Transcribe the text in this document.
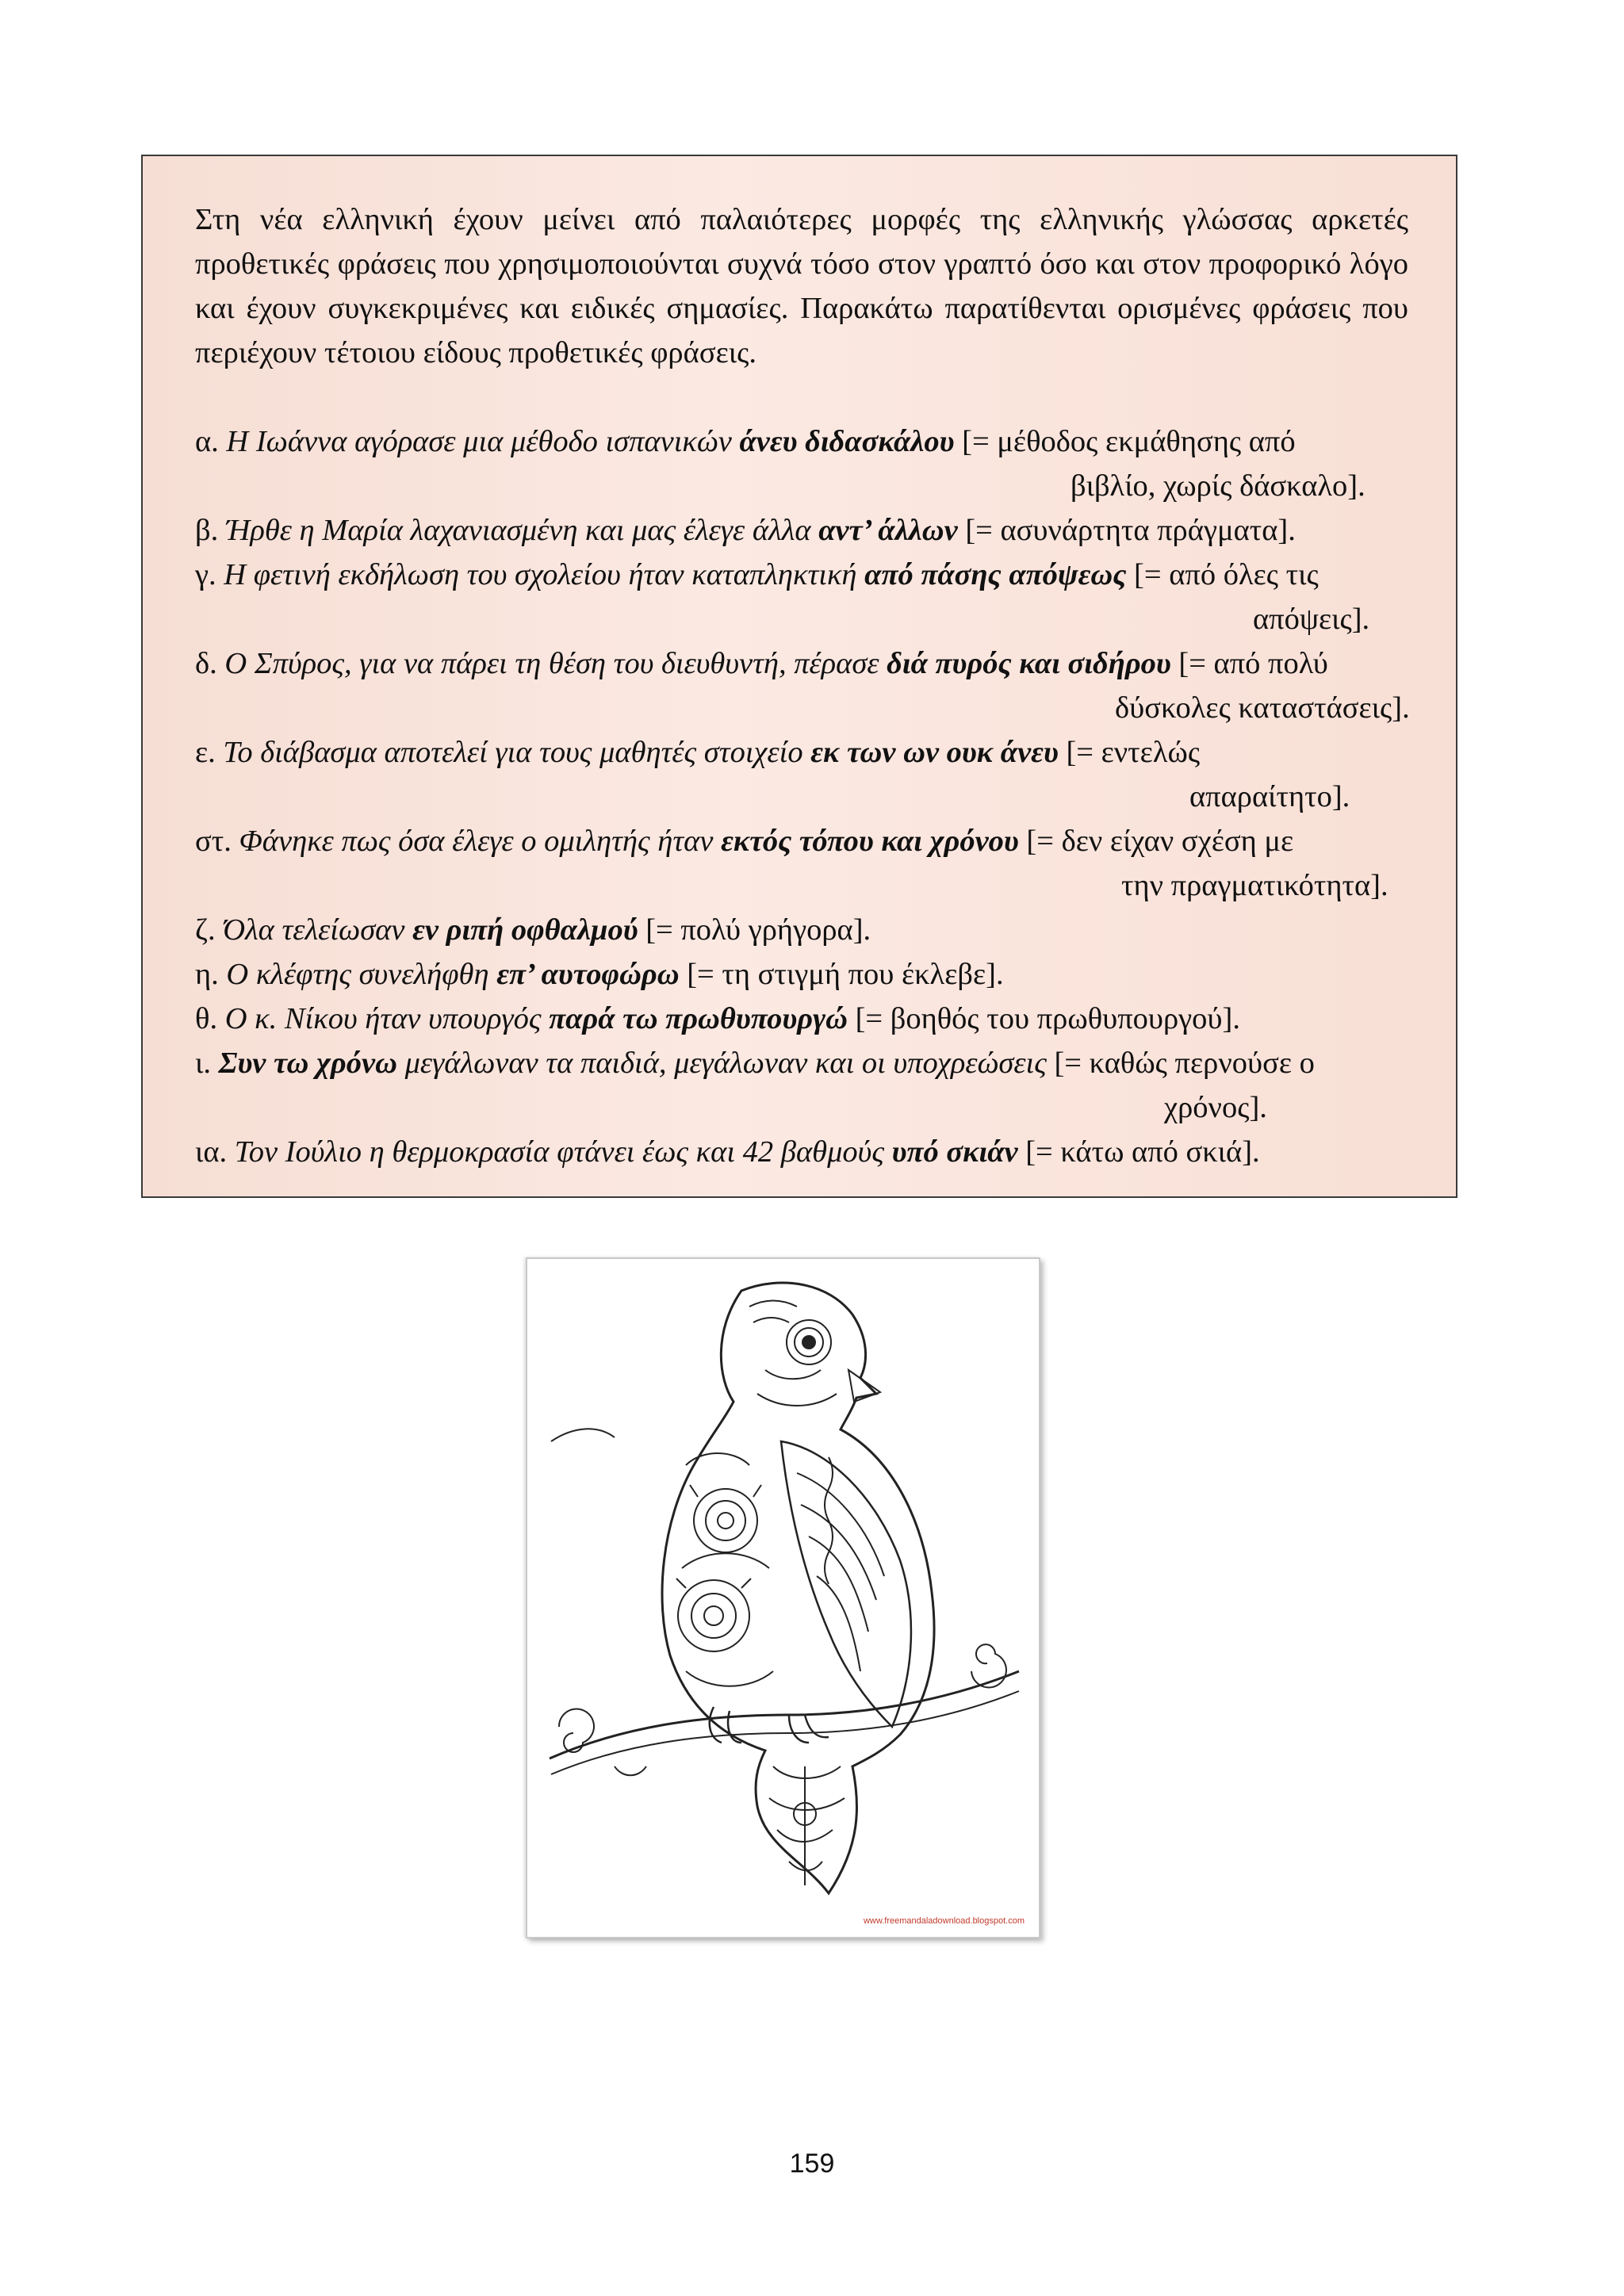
Στη νέα ελληνική έχουν μείνει από παλαιότερες μορφές της ελληνικής γλώσσας αρκετές προθετικές φράσεις που χρησιμοποιούνται συχνά τόσο στον γραπτό όσο και στον προφορικό λόγο και έχουν συγκεκριμένες και ειδικές σημασίες. Παρακάτω παρατίθενται ορισμένες φράσεις που περιέχουν τέτοιου είδους προθετικές φράσεις.
α. Η Ιωάννα αγόρασε μια μέθοδο ισπανικών άνευ διδασκάλου [= μέθοδος εκμάθησης από
βιβλίο, χωρίς δάσκαλο].
β. Ήρθε η Μαρία λαχανιασμένη και μας έλεγε άλλα αντ’ άλλων [= ασυνάρτητα πράγματα].
γ. Η φετινή εκδήλωση του σχολείου ήταν καταπληκτική από πάσης απόψεως [= από όλες τις
απόψεις].
δ. Ο Σπύρος, για να πάρει τη θέση του διευθυντή, πέρασε διά πυρός και σιδήρου [= από πολύ
δύσκολες καταστάσεις].
ε. Το διάβασμα αποτελεί για τους μαθητές στοιχείο εκ των ων ουκ άνευ [= εντελώς
απαραίτητο].
στ. Φάνηκε πως όσα έλεγε ο ομιλητής ήταν εκτός τόπου και χρόνου [= δεν είχαν σχέση με
την πραγματικότητα].
ζ. Όλα τελείωσαν εν ριπή οφθαλμού [= πολύ γρήγορα].
η. Ο κλέφτης συνελήφθη επ’ αυτοφώρω [= τη στιγμή που έκλεβε].
θ. Ο κ. Νίκου ήταν υπουργός παρά τω πρωθυπουργώ [= βοηθός του πρωθυπουργού].
ι. Συν τω χρόνω μεγάλωναν τα παιδιά, μεγάλωναν και οι υποχρεώσεις [= καθώς περνούσε ο
χρόνος].
ια. Τον Ιούλιο η θερμοκρασία φτάνει έως και 42 βαθμούς υπό σκιάν [= κάτω από σκιά].
www.freemandaladownload.blogspot.com
159
